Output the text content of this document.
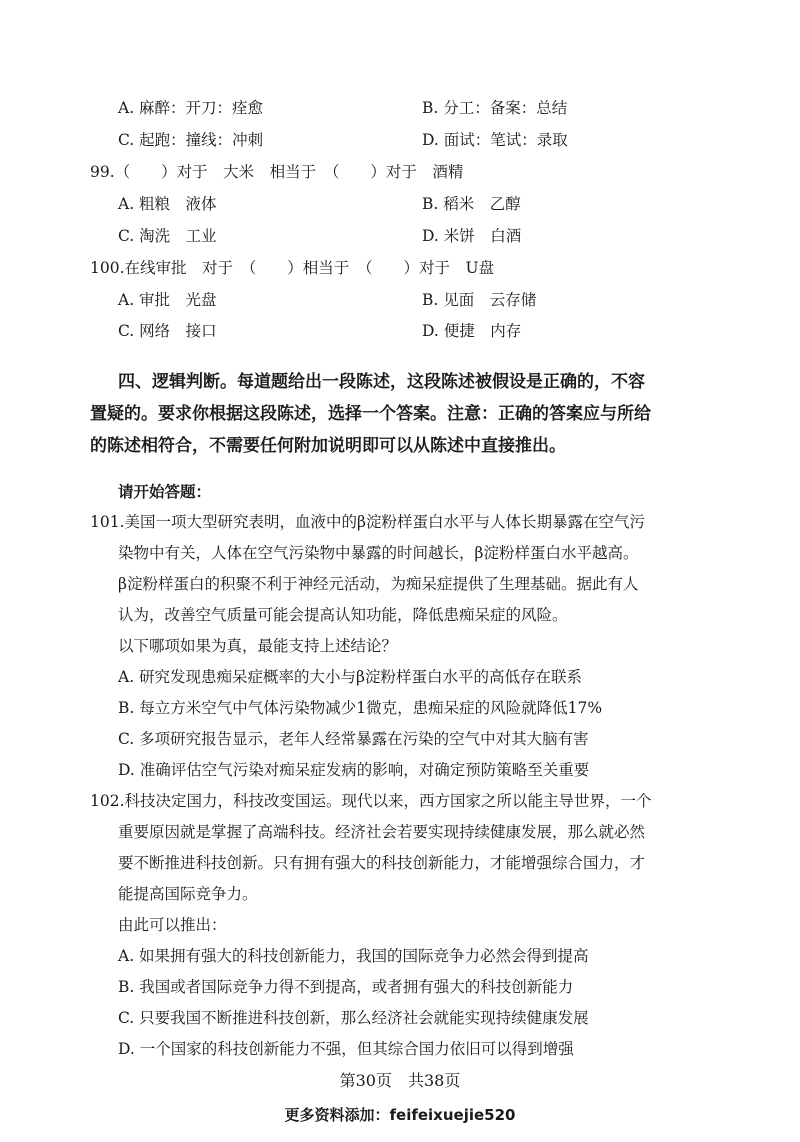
A. 麻醉：开刀：痊愈	B. 分工：备案：总结
C. 起跑：撞线：冲刺	D. 面试：笔试：录取
99.（　　）对于　大米　相当于　（　　）对于　酒精
A. 粗粮　液体	B. 稻米　乙醇
C. 淘洗　工业	D. 米饼　白酒
100.在线审批　对于　（　　）相当于　（　　）对于　U盘
A. 审批　光盘	B. 见面　云存储
C. 网络　接口	D. 便捷　内存
四、逻辑判断。每道题给出一段陈述，这段陈述被假设是正确的，不容
置疑的。要求你根据这段陈述，选择一个答案。注意：正确的答案应与所给
的陈述相符合，不需要任何附加说明即可以从陈述中直接推出。
请开始答题：
101.美国一项大型研究表明，血液中的β淀粉样蛋白水平与人体长期暴露在空气污
染物中有关，人体在空气污染物中暴露的时间越长，β淀粉样蛋白水平越高。
β淀粉样蛋白的积聚不利于神经元活动，为痴呆症提供了生理基础。据此有人
认为，改善空气质量可能会提高认知功能，降低患痴呆症的风险。
以下哪项如果为真，最能支持上述结论？
A. 研究发现患痴呆症概率的大小与β淀粉样蛋白水平的高低存在联系
B. 每立方米空气中气体污染物减少1微克，患痴呆症的风险就降低17%
C. 多项研究报告显示，老年人经常暴露在污染的空气中对其大脑有害
D. 准确评估空气污染对痴呆症发病的影响，对确定预防策略至关重要
102.科技决定国力，科技改变国运。现代以来，西方国家之所以能主导世界，一个
重要原因就是掌握了高端科技。经济社会若要实现持续健康发展，那么就必然
要不断推进科技创新。只有拥有强大的科技创新能力，才能增强综合国力，才
能提高国际竞争力。
由此可以推出：
A. 如果拥有强大的科技创新能力，我国的国际竞争力必然会得到提高
B. 我国或者国际竞争力得不到提高，或者拥有强大的科技创新能力
C. 只要我国不断推进科技创新，那么经济社会就能实现持续健康发展
D. 一个国家的科技创新能力不强，但其综合国力依旧可以得到增强
第30页　共38页
更多资料添加：feifeixuejie520
